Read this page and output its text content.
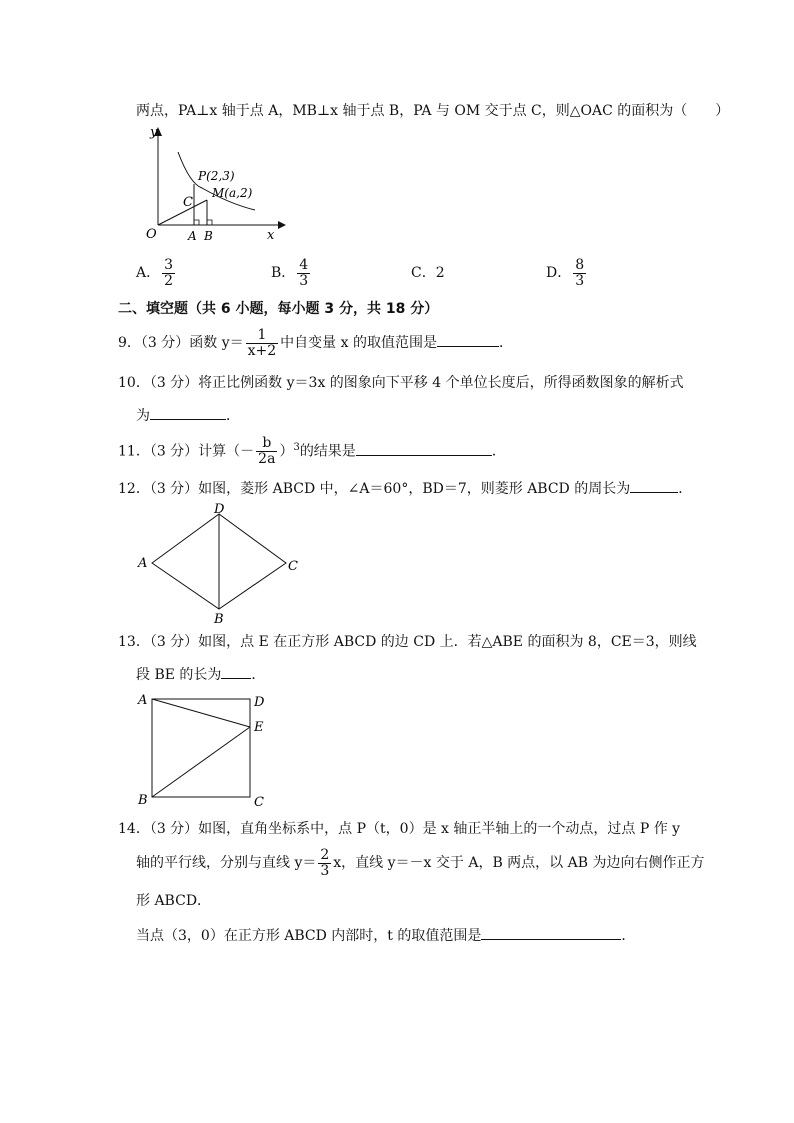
两点，PA⊥x 轴于点 A，MB⊥x 轴于点 B，PA 与 OM 交于点 C，则△OAC 的面积为（　　）
y
x
O
P(2,3)
M(a,2)
C
A B
A． $\frac{3}{2}$	B． $\frac{4}{3}$	C．2	D． $\frac{8}{3}$
二、填空题（共 6 小题，每小题 3 分，共 18 分）
9．（3 分）函数 $y= \frac{1}{x+2}$ 中自变量 x 的取值范围是	．
10．（3 分）将正比例函数 y＝3x 的图象向下平移 4 个单位长度后，所得函数图象的解析式
为	．
11．（3 分）计算（－ $\frac{b}{2a} )^3$的结果是	．
12．（3 分）如图，菱形 ABCD 中，∠A＝60°，BD＝7，则菱形 ABCD 的周长为	．
D
A	C
B
13．（3 分）如图，点 E 在正方形 ABCD 的边 CD 上．若△ABE 的面积为 8，CE＝3，则线
段 BE 的长为 ．
A	D
E
B	C
14．（3 分）如图，直角坐标系中，点 P（t，0）是 x 轴正半轴上的一个动点，过点 P 作 y
轴的平行线，分别与直线 $y= \frac{2}{3}$ x，直线 y＝－x 交于 A，B 两点，以 AB 为边向右侧作正方
形 ABCD．
当点（3，0）在正方形 ABCD 内部时，t 的取值范围是	．
